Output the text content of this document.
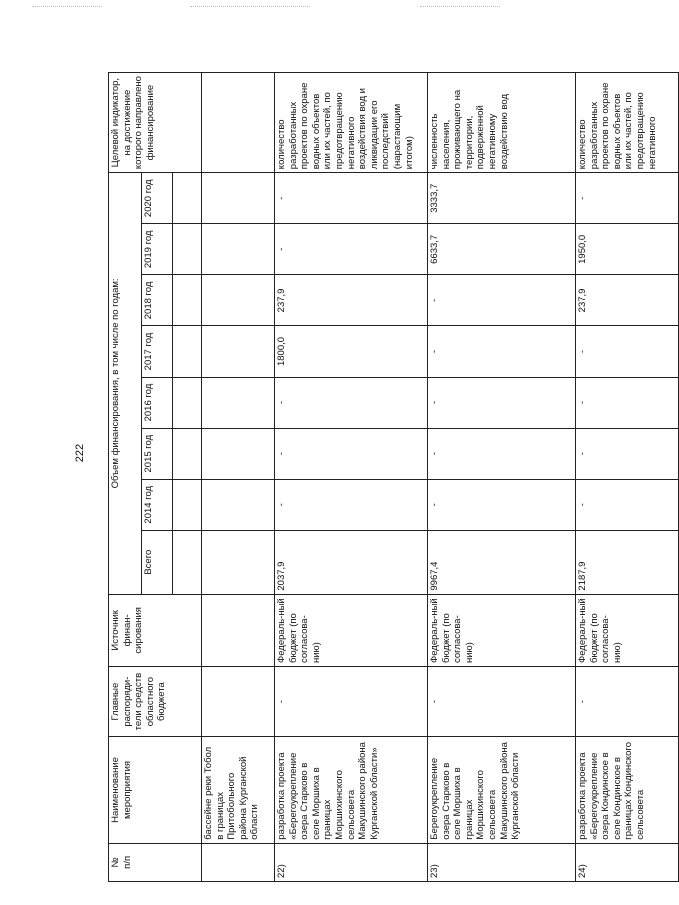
222
№
п/п	Наименование мероприятия	Главные распоряди-тели средств областного бюджета	Источник финан-сирования	Объем финансирования, в том числе по годам:								Целевой индикатор, на достижение которого направлено финансирование
				Всего	2014 год	2015 год	2016 год	2017 год	2018 год	2019 год	2020 год	

	бассейне реки Тобол в границах Притобольного района Курганской области											
22)	разработка проекта «Берегоукрепление озера Старково в селе Моршиха в границах Моршихинского сельсовета Макушинского района Курганской области»	-	Федераль-ный бюджет (по согласова-нию)	2037,9	-	-	-	1800,0	237,9	-	-	количество разработанных проектов по охране водных объектов или их частей, по предотвращению негативного воздействия вод и ликвидации его последствий (нарастающим итогом)
23)	Берегоукрепление озера Старково в селе Моршиха в границах Моршихинского сельсовета Макушинского района Курганской области	-	Федераль-ный бюджет (по согласова-нию)	9967,4	-	-	-	-	-	6633,7	3333,7	численность населения, проживающего на территории, подверженной негативному воздействию вод
24)	разработка проекта «Берегоукрепление озера Кондинское в селе Кондинское в границах Кондинского сельсовета	-	Федераль-ный бюджет (по согласова-нию)	2187,9	-	-	-	-	237,9	1950,0	-	количество разработанных проектов по охране водных объектов или их частей, по предотвращению негативного
